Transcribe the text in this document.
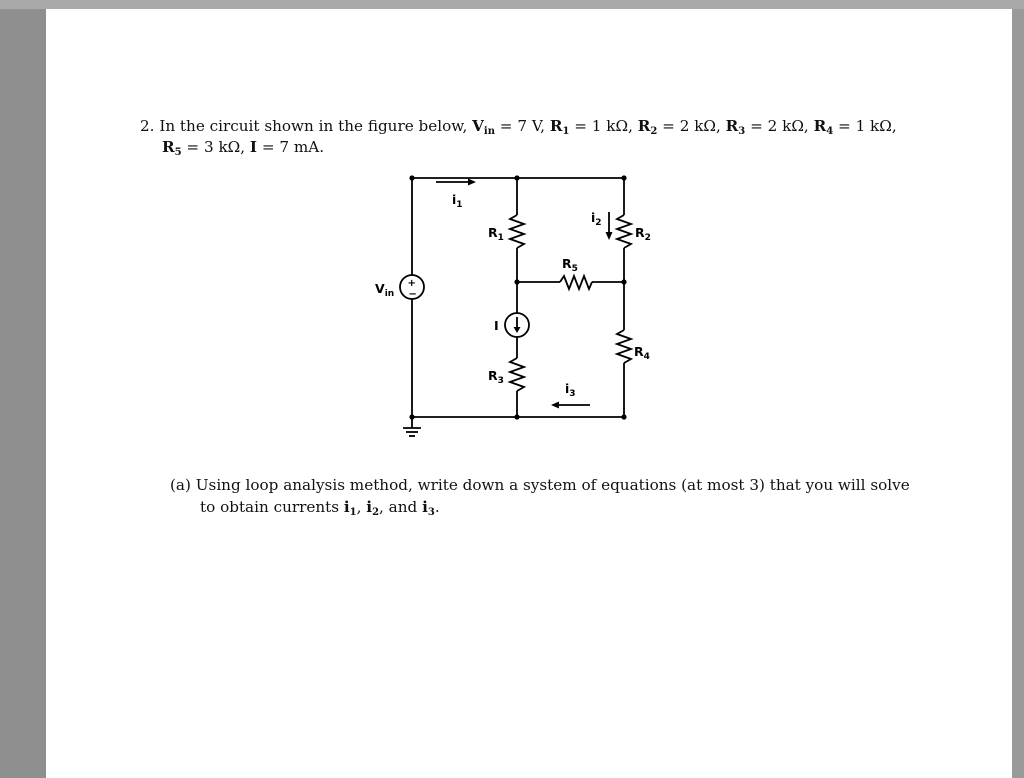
2. In the circuit shown in the figure below, $V_{in} = 7$ V, $R_1 = 1$ kΩ, $R_2 = 2$ kΩ, $R_3 = 2$ kΩ, $R_4 = 1$ kΩ,
$R_5 = 3$ kΩ, I = 7 mA.
$V_{in}$
+
−
$R_1$	$R_2$
$R_3$
$R_4$
$R_5$
I
$i_1$
$i_2$
$i_3$
(a) Using loop analysis method, write down a system of equations (at most 3) that you will solve
to obtain currents $i_1$, $i_2$, and $i_3$.
